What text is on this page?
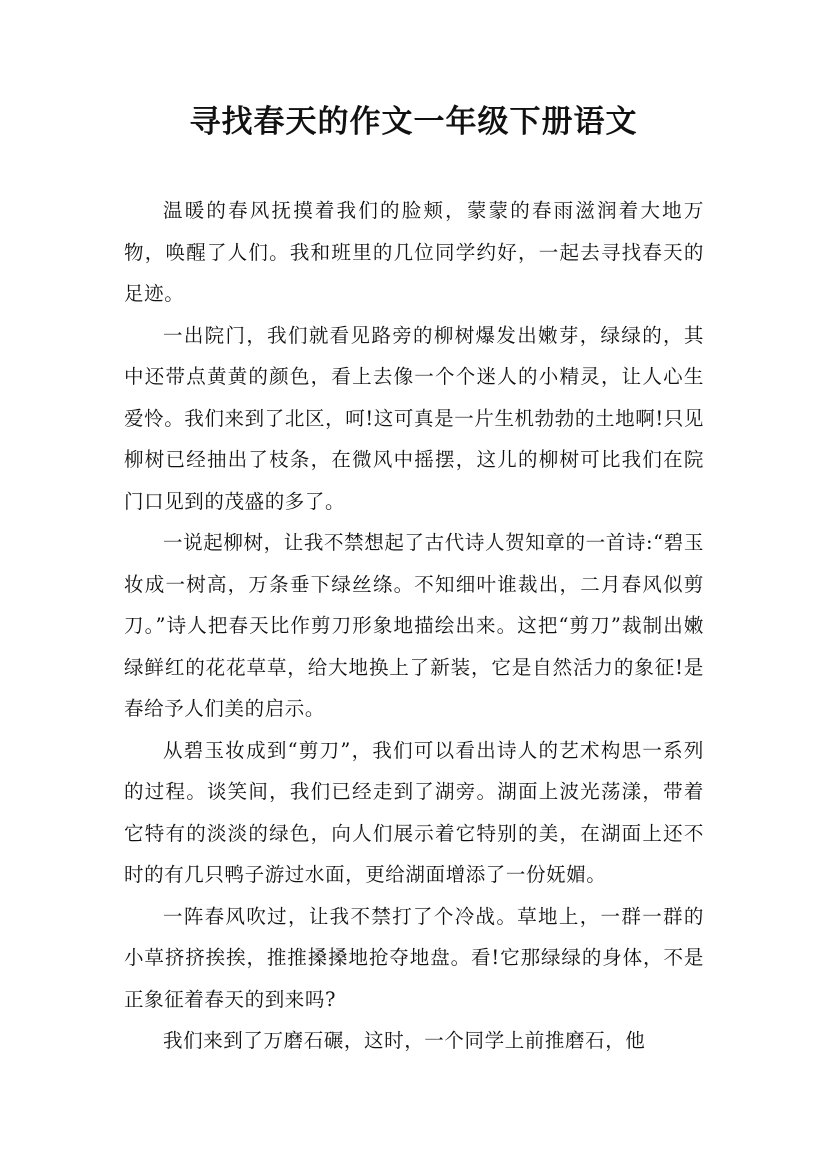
寻找春天的作文一年级下册语文

温暖的春风抚摸着我们的脸颊，蒙蒙的春雨滋润着大地万物，唤醒了人们。我和班里的几位同学约好，一起去寻找春天的足迹。

一出院门，我们就看见路旁的柳树爆发出嫩芽，绿绿的，其中还带点黄黄的颜色，看上去像一个个迷人的小精灵，让人心生爱怜。我们来到了北区，呵!这可真是一片生机勃勃的土地啊!只见柳树已经抽出了枝条，在微风中摇摆，这儿的柳树可比我们在院门口见到的茂盛的多了。

一说起柳树，让我不禁想起了古代诗人贺知章的一首诗:“碧玉妆成一树高，万条垂下绿丝绦。不知细叶谁裁出，二月春风似剪刀。”诗人把春天比作剪刀形象地描绘出来。这把“剪刀”裁制出嫩绿鲜红的花花草草，给大地换上了新装，它是自然活力的象征!是春给予人们美的启示。

从碧玉妆成到“剪刀”，我们可以看出诗人的艺术构思一系列的过程。谈笑间，我们已经走到了湖旁。湖面上波光荡漾，带着它特有的淡淡的绿色，向人们展示着它特别的美，在湖面上还不时的有几只鸭子游过水面，更给湖面增添了一份妩媚。

一阵春风吹过，让我不禁打了个冷战。草地上，一群一群的小草挤挤挨挨，推推搡搡地抢夺地盘。看!它那绿绿的身体，不是正象征着春天的到来吗?

我们来到了万磨石碾，这时，一个同学上前推磨石，他
